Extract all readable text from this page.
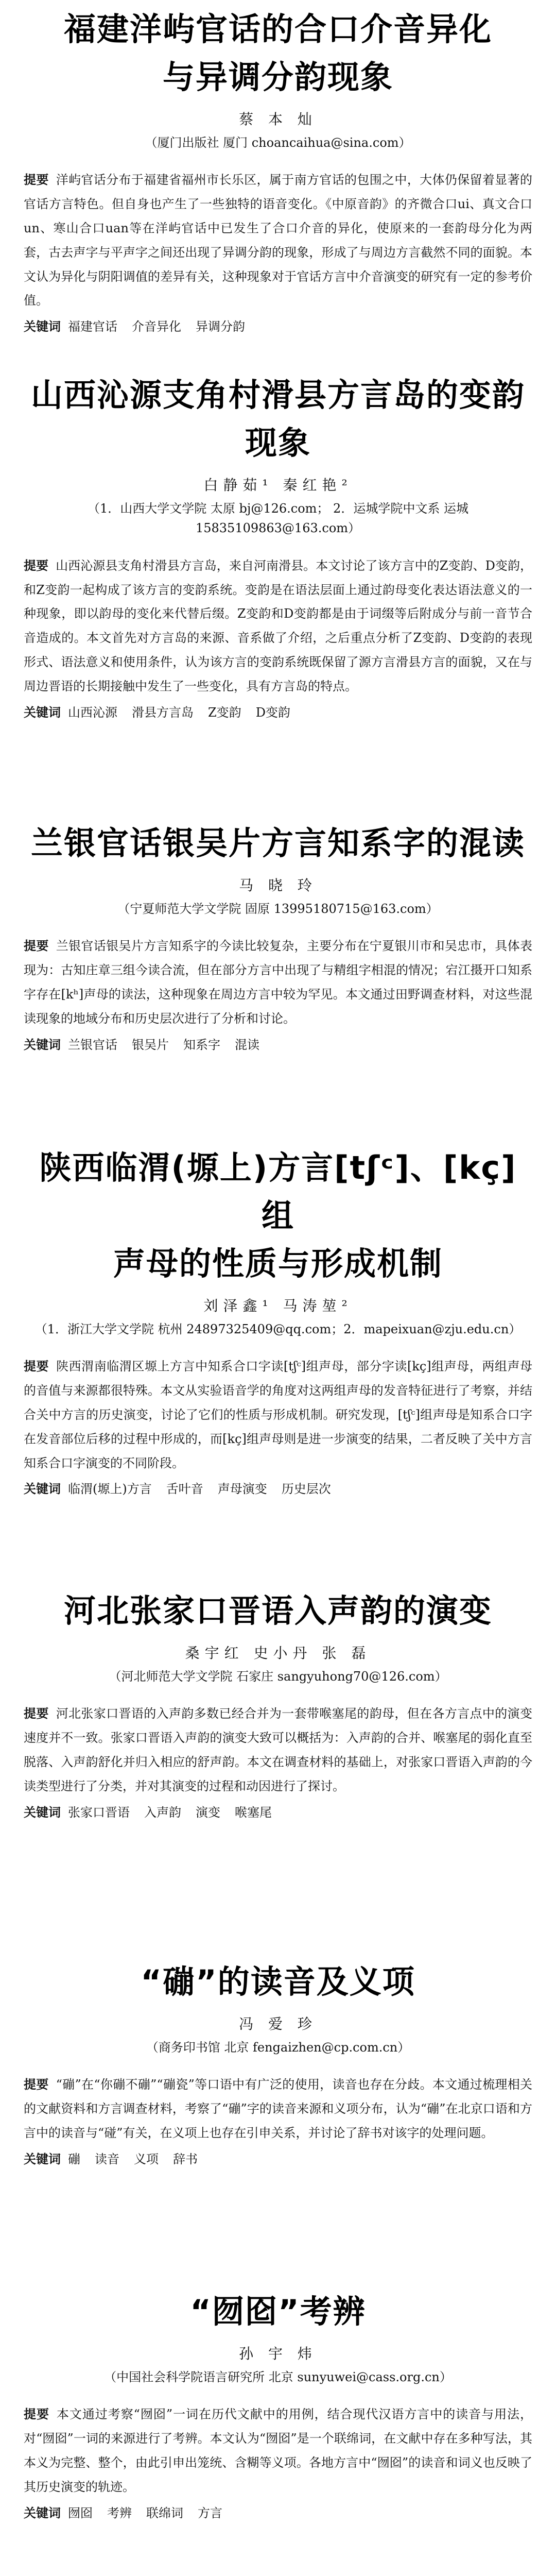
福建洋屿官话的合口介音异化
与异调分韵现象

蔡 本 灿

（厦门出版社 厦门 choancaihua@sina.com）

提要 洋屿官话分布于福建省福州市长乐区，属于南方官话的包围之中，大体仍保留着显著的官话方言特色。但自身也产生了一些独特的语音变化。《中原音韵》的齐微合口ui、真文合口un、寒山合口uan等在洋屿官话中已发生了合口介音的异化，使原来的一套韵母分化为两套，古去声字与平声字之间还出现了异调分韵的现象，形成了与周边方言截然不同的面貌。本文认为异化与阴阳调值的差异有关，这种现象对于官话方言中介音演变的研究有一定的参考价值。

关键词 福建官话 介音异化 异调分韵

山西沁源支角村滑县方言岛的变韵现象

白静茹¹ 秦红艳²

（1．山西大学文学院 太原 bj@126.com； 2．运城学院中文系 运城 15835109863@163.com）

提要 山西沁源县支角村滑县方言岛，来自河南滑县。本文讨论了该方言中的Z变韵、D变韵，和Z变韵一起构成了该方言的变韵系统。变韵是在语法层面上通过韵母变化表达语法意义的一种现象，即以韵母的变化来代替后缀。Z变韵和D变韵都是由于词缀等后附成分与前一音节合音造成的。本文首先对方言岛的来源、音系做了介绍，之后重点分析了Z变韵、D变韵的表现形式、语法意义和使用条件，认为该方言的变韵系统既保留了源方言滑县方言的面貌，又在与周边晋语的长期接触中发生了一些变化，具有方言岛的特点。

关键词 山西沁源 滑县方言岛 Z变韵 D变韵

兰银官话银吴片方言知系字的混读

马 晓 玲

（宁夏师范大学文学院 固原 13995180715@163.com）

提要 兰银官话银吴片方言知系字的今读比较复杂，主要分布在宁夏银川市和吴忠市，具体表现为：古知庄章三组今读合流，但在部分方言中出现了与精组字相混的情况；宕江摄开口知系字存在[kʰ]声母的读法，这种现象在周边方言中较为罕见。本文通过田野调查材料，对这些混读现象的地域分布和历史层次进行了分析和讨论。

关键词 兰银官话 银吴片 知系字 混读

陕西临渭(塬上)方言[tʃᶜ]、[kç]组
声母的性质与形成机制

刘泽鑫¹ 马涛堃²

（1．浙江大学文学院 杭州 24897325409@qq.com；2．mapeixuan@zju.edu.cn）

提要 陕西渭南临渭区塬上方言中知系合口字读[tʃᶜ]组声母，部分字读[kç]组声母，两组声母的音值与来源都很特殊。本文从实验语音学的角度对这两组声母的发音特征进行了考察，并结合关中方言的历史演变，讨论了它们的性质与形成机制。研究发现，[tʃᶜ]组声母是知系合口字在发音部位后移的过程中形成的，而[kç]组声母则是进一步演变的结果，二者反映了关中方言知系合口字演变的不同阶段。

关键词 临渭(塬上)方言 舌叶音 声母演变 历史层次

河北张家口晋语入声韵的演变

桑宇红 史小丹 张 磊

（河北师范大学文学院 石家庄 sangyuhong70@126.com）

提要 河北张家口晋语的入声韵多数已经合并为一套带喉塞尾的韵母，但在各方言点中的演变速度并不一致。张家口晋语入声韵的演变大致可以概括为：入声韵的合并、喉塞尾的弱化直至脱落、入声韵舒化并归入相应的舒声韵。本文在调查材料的基础上，对张家口晋语入声韵的今读类型进行了分类，并对其演变的过程和动因进行了探讨。

关键词 张家口晋语 入声韵 演变 喉塞尾

“磞”的读音及义项

冯 爱 珍

（商务印书馆 北京 fengaizhen@cp.com.cn）

提要 “磞”在“你磞不磞”“磞瓷”等口语中有广泛的使用，读音也存在分歧。本文通过梳理相关的文献资料和方言调查材料，考察了“磞”字的读音来源和义项分布，认为“磞”在北京口语和方言中的读音与“碰”有关，在义项上也存在引申关系，并讨论了辞书对该字的处理问题。

关键词 磞 读音 义项 辞书

“囫囵”考辨

孙 宇 炜

（中国社会科学院语言研究所 北京 sunyuwei@cass.org.cn）

提要 本文通过考察“囫囵”一词在历代文献中的用例，结合现代汉语方言中的读音与用法，对“囫囵”一词的来源进行了考辨。本文认为“囫囵”是一个联绵词，在文献中存在多种写法，其本义为完整、整个，由此引申出笼统、含糊等义项。各地方言中“囫囵”的读音和词义也反映了其历史演变的轨迹。

关键词 囫囵 考辨 联绵词 方言
